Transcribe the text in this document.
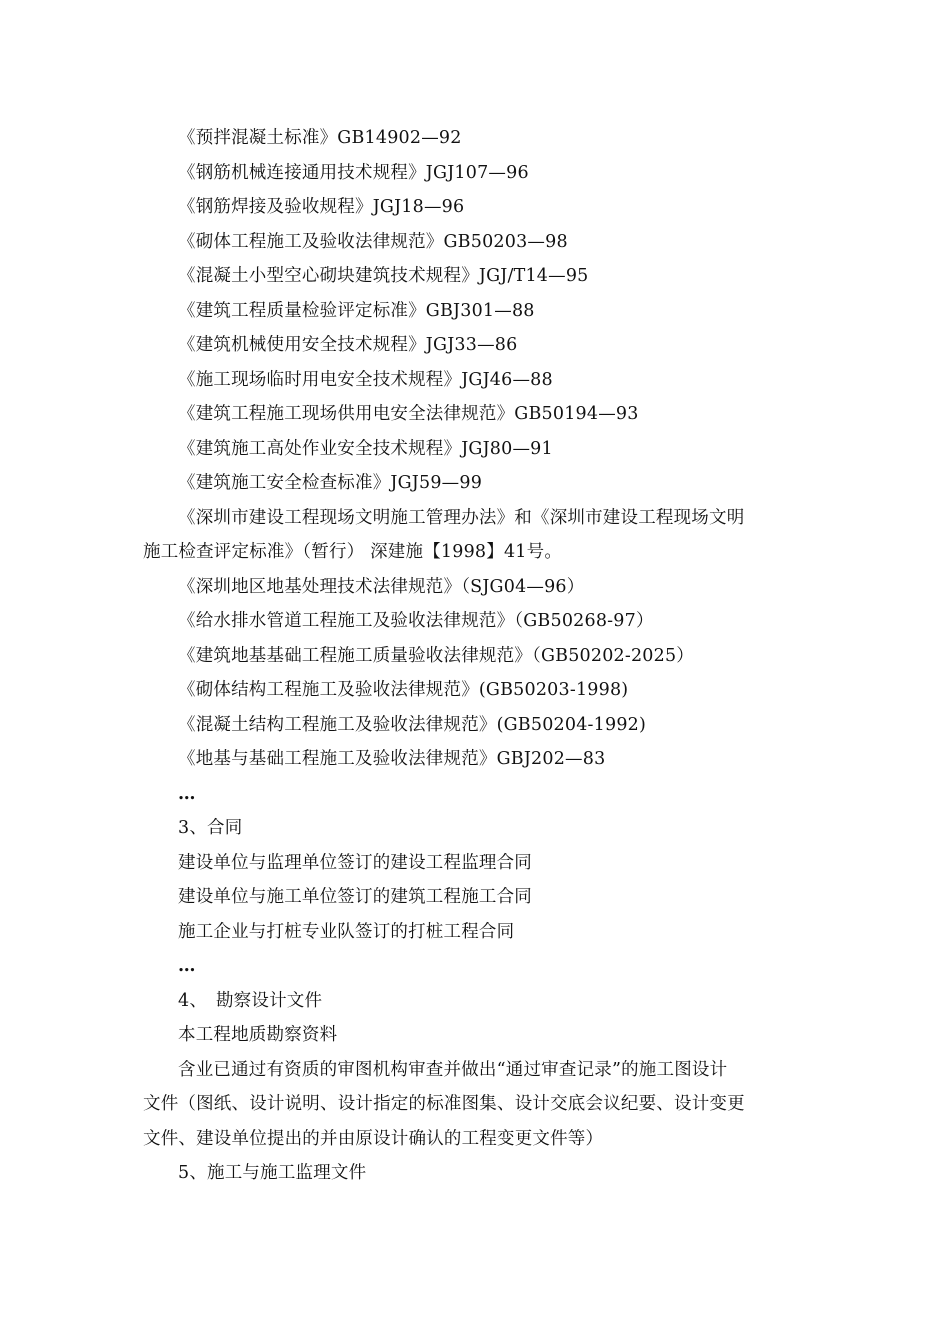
《预拌混凝土标准》GB14902—92
《钢筋机械连接通用技术规程》JGJ107—96
《钢筋焊接及验收规程》JGJ18—96
《砌体工程施工及验收法律规范》GB50203—98
《混凝土小型空心砌块建筑技术规程》JGJ/T14—95
《建筑工程质量检验评定标准》GBJ301—88
《建筑机械使用安全技术规程》JGJ33—86
《施工现场临时用电安全技术规程》JGJ46—88
《建筑工程施工现场供用电安全法律规范》GB50194—93
《建筑施工高处作业安全技术规程》JGJ80—91
《建筑施工安全检查标准》JGJ59—99
《深圳市建设工程现场文明施工管理办法》和《深圳市建设工程现场文明
施工检查评定标准》（暂行） 深建施【1998】41号。
《深圳地区地基处理技术法律规范》（SJG04—96）
《给水排水管道工程施工及验收法律规范》（GB50268-97）
《建筑地基基础工程施工质量验收法律规范》（GB50202-2025）
《砌体结构工程施工及验收法律规范》(GB50203-1998)
《混凝土结构工程施工及验收法律规范》(GB50204-1992)
《地基与基础工程施工及验收法律规范》GBJ202—83
…
3、合同
建设单位与监理单位签订的建设工程监理合同
建设单位与施工单位签订的建筑工程施工合同
施工企业与打桩专业队签订的打桩工程合同
…
4、　勘察设计文件
本工程地质勘察资料
含业已通过有资质的审图机构审查并做出“通过审查记录”的施工图设计
文件（图纸、设计说明、设计指定的标准图集、设计交底会议纪要、设计变更
文件、建设单位提出的并由原设计确认的工程变更文件等）
5、施工与施工监理文件
